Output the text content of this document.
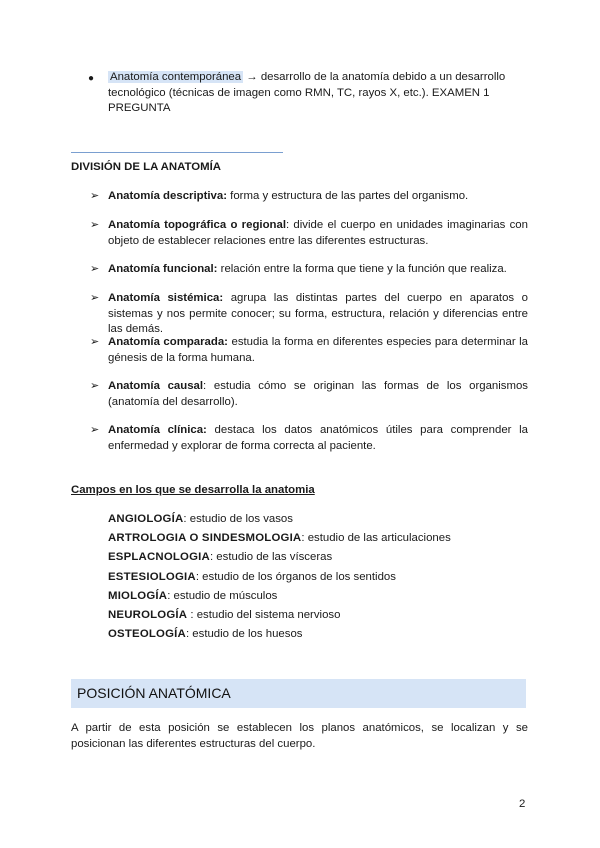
● Anatomía contemporánea → desarrollo de la anatomía debido a un desarrollo
tecnológico (técnicas de imagen como RMN, TC, rayos X, etc.). EXAMEN 1
PREGUNTA
DIVISIÓN DE LA ANATOMÍA
➢ Anatomía descriptiva: forma y estructura de las partes del organismo.
➢ Anatomía topográfica o regional: divide el cuerpo en unidades imaginarias con objeto de establecer relaciones entre las diferentes estructuras.
➢ Anatomía funcional: relación entre la forma que tiene y la función que realiza.
➢ Anatomía sistémica: agrupa las distintas partes del cuerpo en aparatos o sistemas y nos permite conocer; su forma, estructura, relación y diferencias entre las demás.
➢ Anatomía comparada: estudia la forma en diferentes especies para determinar la génesis de la forma humana.
➢ Anatomía causal: estudia cómo se originan las formas de los organismos (anatomía del desarrollo).
➢ Anatomía clínica: destaca los datos anatómicos útiles para comprender la enfermedad y explorar de forma correcta al paciente.
Campos en los que se desarrolla la anatomia
ANGIOLOGÍA: estudio de los vasos
ARTROLOGIA O SINDESMOLOGIA: estudio de las articulaciones
ESPLACNOLOGIA: estudio de las vísceras
ESTESIOLOGIA: estudio de los órganos de los sentidos
MIOLOGÍA: estudio de músculos
NEUROLOGÍA : estudio del sistema nervioso
OSTEOLOGÍA: estudio de los huesos
POSICIÓN ANATÓMICA
A partir de esta posición se establecen los planos anatómicos, se localizan y se posicionan las diferentes estructuras del cuerpo.
2
